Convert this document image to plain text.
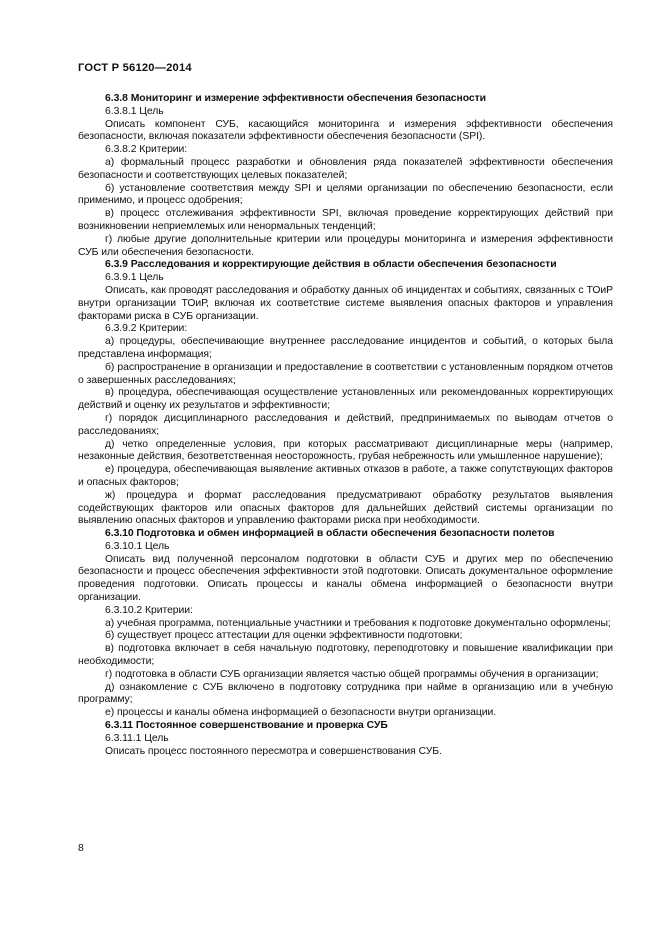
ГОСТ Р 56120—2014

6.3.8 Мониторинг и измерение эффективности обеспечения безопасности

6.3.8.1 Цель

Описать компонент СУБ, касающийся мониторинга и измерения эффективности обеспечения безопасности, включая показатели эффективности обеспечения безопасности (SPI).

6.3.8.2 Критерии:

а) формальный процесс разработки и обновления ряда показателей эффективности обеспечения безопасности и соответствующих целевых показателей;

б) установление соответствия между SPI и целями организации по обеспечению безопасности, если применимо, и процесс одобрения;

в) процесс отслеживания эффективности SPI, включая проведение корректирующих действий при возникновении неприемлемых или ненормальных тенденций;

г) любые другие дополнительные критерии или процедуры мониторинга и измерения эффективности СУБ или обеспечения безопасности.

6.3.9 Расследования и корректирующие действия в области обеспечения безопасности

6.3.9.1 Цель

Описать, как проводят расследования и обработку данных об инцидентах и событиях, связанных с ТОиР внутри организации ТОиР, включая их соответствие системе выявления опасных факторов и управления факторами риска в СУБ организации.

6.3.9.2 Критерии:

а) процедуры, обеспечивающие внутреннее расследование инцидентов и событий, о которых была представлена информация;

б) распространение в организации и предоставление в соответствии с установленным порядком отчетов о завершенных расследованиях;

в) процедура, обеспечивающая осуществление установленных или рекомендованных корректирующих действий и оценку их результатов и эффективности;

г) порядок дисциплинарного расследования и действий, предпринимаемых по выводам отчетов о расследованиях;

д) четко определенные условия, при которых рассматривают дисциплинарные меры (например, незаконные действия, безответственная неосторожность, грубая небрежность или умышленное нарушение);

е) процедура, обеспечивающая выявление активных отказов в работе, а также сопутствующих факторов и опасных факторов;

ж) процедура и формат расследования предусматривают обработку результатов выявления содействующих факторов или опасных факторов для дальнейших действий системы организации по выявлению опасных факторов и управлению факторами риска при необходимости.

6.3.10 Подготовка и обмен информацией в области обеспечения безопасности полетов

6.3.10.1 Цель

Описать вид полученной персоналом подготовки в области СУБ и других мер по обеспечению безопасности и процесс обеспечения эффективности этой подготовки. Описать документальное оформление проведения подготовки. Описать процессы и каналы обмена информацией о безопасности внутри организации.

6.3.10.2 Критерии:

а) учебная программа, потенциальные участники и требования к подготовке документально оформлены;

б) существует процесс аттестации для оценки эффективности подготовки;

в) подготовка включает в себя начальную подготовку, переподготовку и повышение квалификации при необходимости;

г) подготовка в области СУБ организации является частью общей программы обучения в организации;

д) ознакомление с СУБ включено в подготовку сотрудника при найме в организацию или в учебную программу;

е) процессы и каналы обмена информацией о безопасности внутри организации.

6.3.11 Постоянное совершенствование и проверка СУБ

6.3.11.1 Цель

Описать процесс постоянного пересмотра и совершенствования СУБ.

8
